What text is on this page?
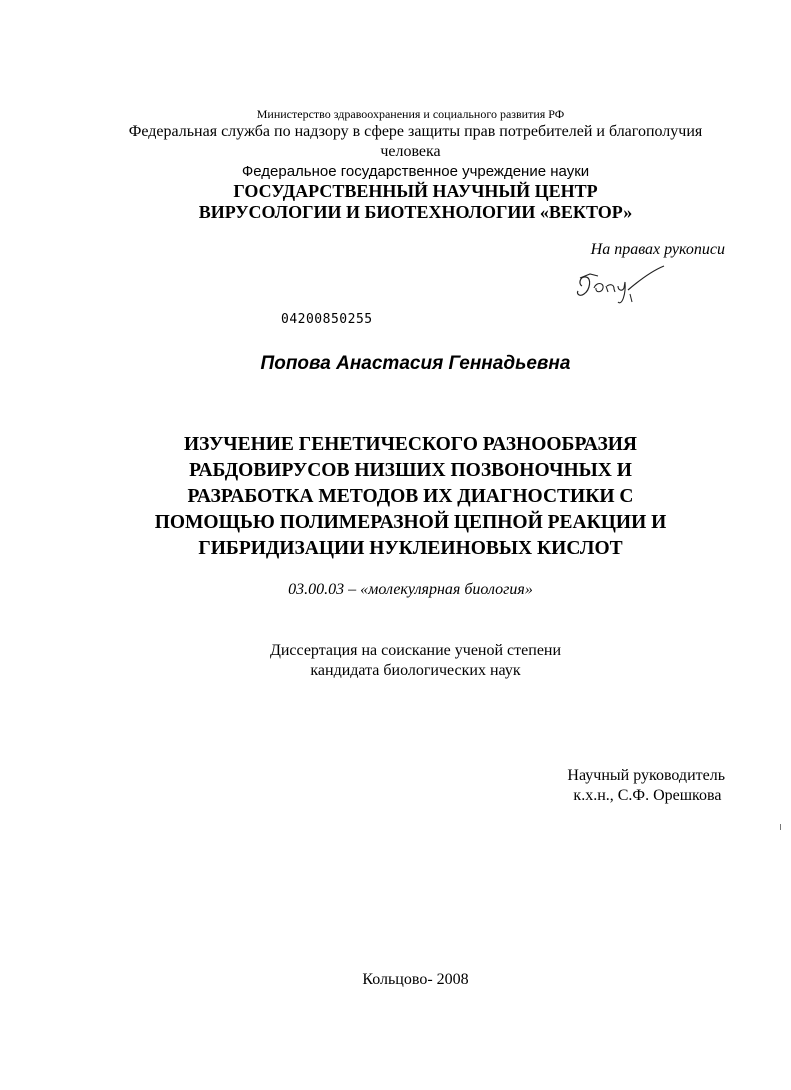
Министерство здравоохранения и социального развития РФ
Федеральная служба по надзору в сфере защиты прав потребителей и благополучия
человека
Федеральное государственное учреждение науки
ГОСУДАРСТВЕННЫЙ НАУЧНЫЙ ЦЕНТР
ВИРУСОЛОГИИ И БИОТЕХНОЛОГИИ «ВЕКТОР»
На правах рукописи
04200850255
Попова Анастасия Геннадьевна
ИЗУЧЕНИЕ ГЕНЕТИЧЕСКОГО РАЗНООБРАЗИЯ
РАБДОВИРУСОВ НИЗШИХ ПОЗВОНОЧНЫХ И
РАЗРАБОТКА МЕТОДОВ ИХ ДИАГНОСТИКИ С
ПОМОЩЬЮ ПОЛИМЕРАЗНОЙ ЦЕПНОЙ РЕАКЦИИ И
ГИБРИДИЗАЦИИ НУКЛЕИНОВЫХ КИСЛОТ
03.00.03 – «молекулярная биология»
Диссертация на соискание ученой степени
кандидата биологических наук
Научный руководитель
к.х.н., С.Ф. Орешкова
Кольцово- 2008
